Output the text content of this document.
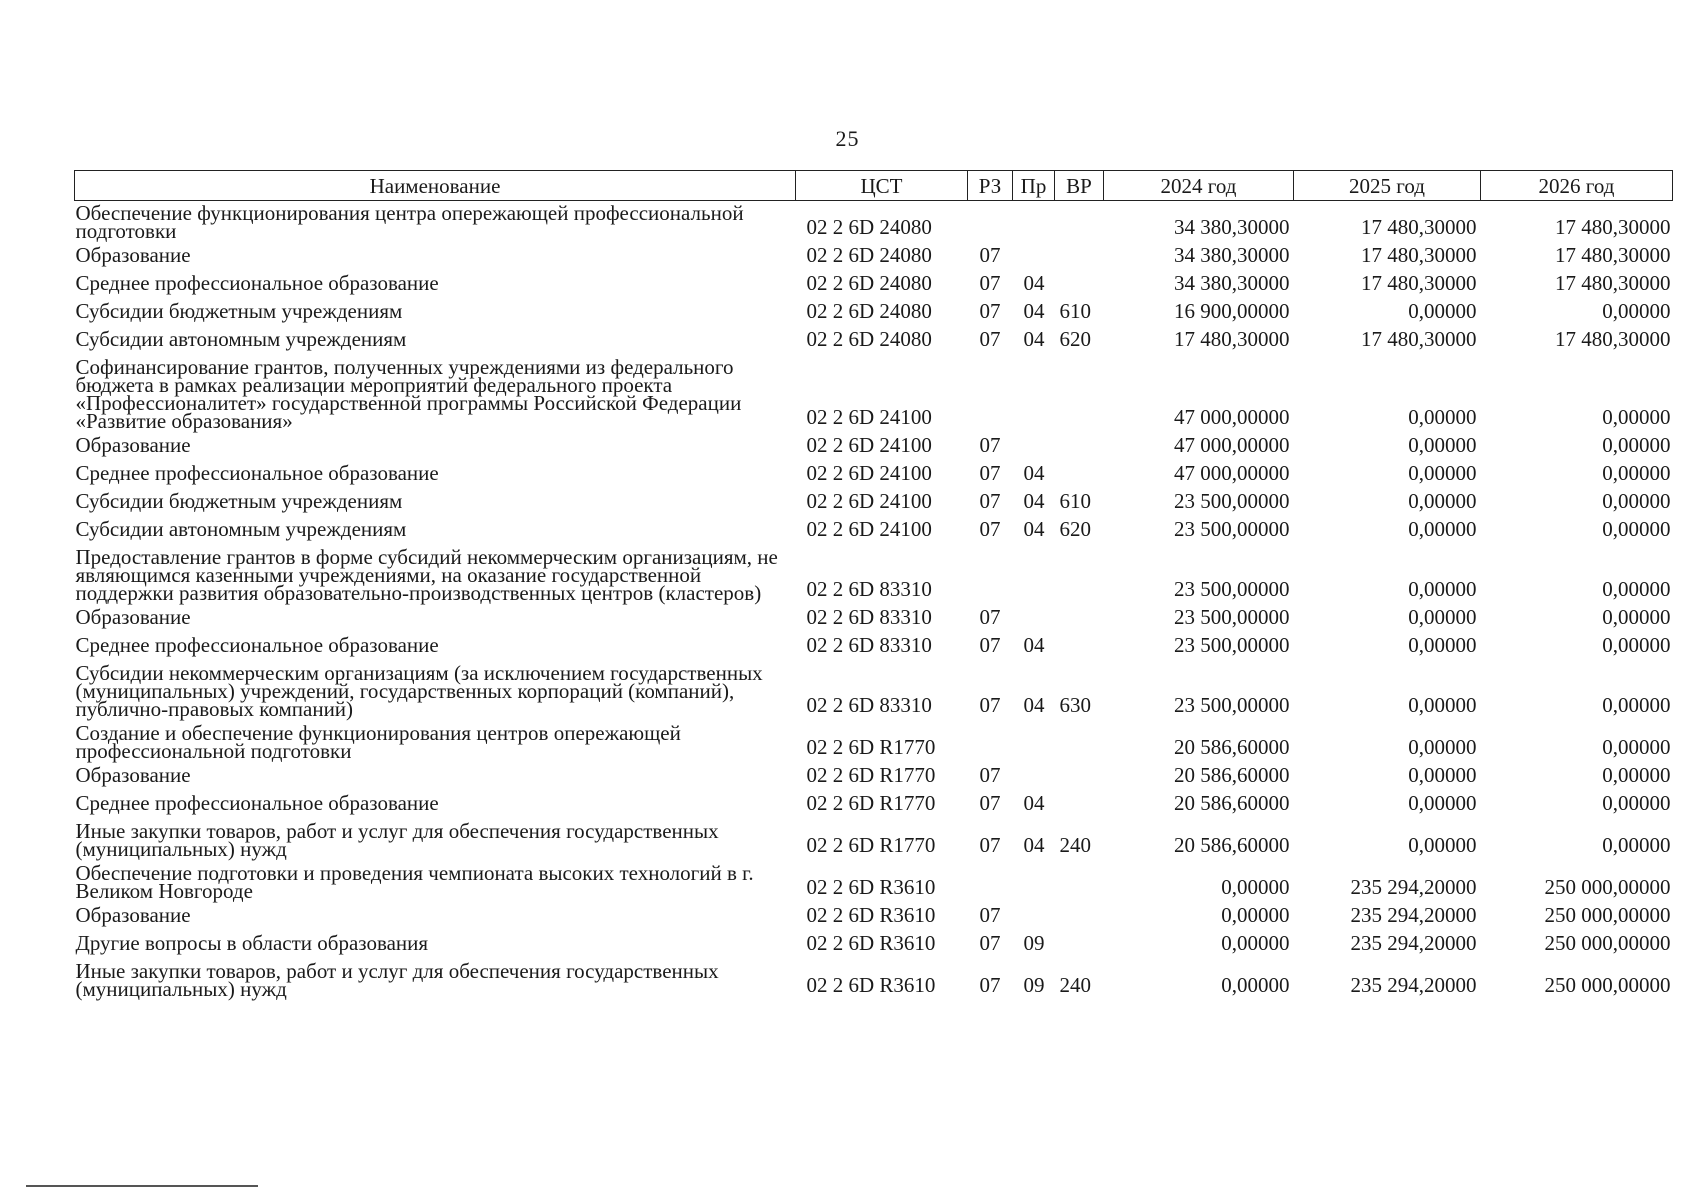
25
Наименование	ЦСТ	РЗ	Пр	ВР	2024 год	2025 год	2026 год
Обеспечение функционирования центра опережающей профессиональной подготовки	02 2 6D 24080				34 380,30000	17 480,30000	17 480,30000
Образование	02 2 6D 24080	07			34 380,30000	17 480,30000	17 480,30000
Среднее профессиональное образование	02 2 6D 24080	07	04		34 380,30000	17 480,30000	17 480,30000
Субсидии бюджетным учреждениям	02 2 6D 24080	07	04	610	16 900,00000	0,00000	0,00000
Субсидии автономным учреждениям	02 2 6D 24080	07	04	620	17 480,30000	17 480,30000	17 480,30000
Софинансирование грантов, полученных учреждениями из федерального бюджета в рамках реализации мероприятий федерального проекта «Профессионалитет» государственной программы Российской Федерации «Развитие образования»	02 2 6D 24100				47 000,00000	0,00000	0,00000
Образование	02 2 6D 24100	07			47 000,00000	0,00000	0,00000
Среднее профессиональное образование	02 2 6D 24100	07	04		47 000,00000	0,00000	0,00000
Субсидии бюджетным учреждениям	02 2 6D 24100	07	04	610	23 500,00000	0,00000	0,00000
Субсидии автономным учреждениям	02 2 6D 24100	07	04	620	23 500,00000	0,00000	0,00000
Предоставление грантов в форме субсидий некоммерческим организациям, не являющимся казенными учреждениями, на оказание государственной поддержки развития образовательно-производственных центров (кластеров)	02 2 6D 83310				23 500,00000	0,00000	0,00000
Образование	02 2 6D 83310	07			23 500,00000	0,00000	0,00000
Среднее профессиональное образование	02 2 6D 83310	07	04		23 500,00000	0,00000	0,00000
Субсидии некоммерческим организациям (за исключением государственных (муниципальных) учреждений, государственных корпораций (компаний), публично-правовых компаний)	02 2 6D 83310	07	04	630	23 500,00000	0,00000	0,00000
Создание и обеспечение функционирования центров опережающей профессиональной подготовки	02 2 6D R1770				20 586,60000	0,00000	0,00000
Образование	02 2 6D R1770	07			20 586,60000	0,00000	0,00000
Среднее профессиональное образование	02 2 6D R1770	07	04		20 586,60000	0,00000	0,00000
Иные закупки товаров, работ и услуг для обеспечения государственных (муниципальных) нужд	02 2 6D R1770	07	04	240	20 586,60000	0,00000	0,00000
Обеспечение подготовки и проведения чемпионата высоких технологий в г. Великом Новгороде	02 2 6D R3610				0,00000	235 294,20000	250 000,00000
Образование	02 2 6D R3610	07			0,00000	235 294,20000	250 000,00000
Другие вопросы в области образования	02 2 6D R3610	07	09		0,00000	235 294,20000	250 000,00000
Иные закупки товаров, работ и услуг для обеспечения государственных (муниципальных) нужд	02 2 6D R3610	07	09	240	0,00000	235 294,20000	250 000,00000
